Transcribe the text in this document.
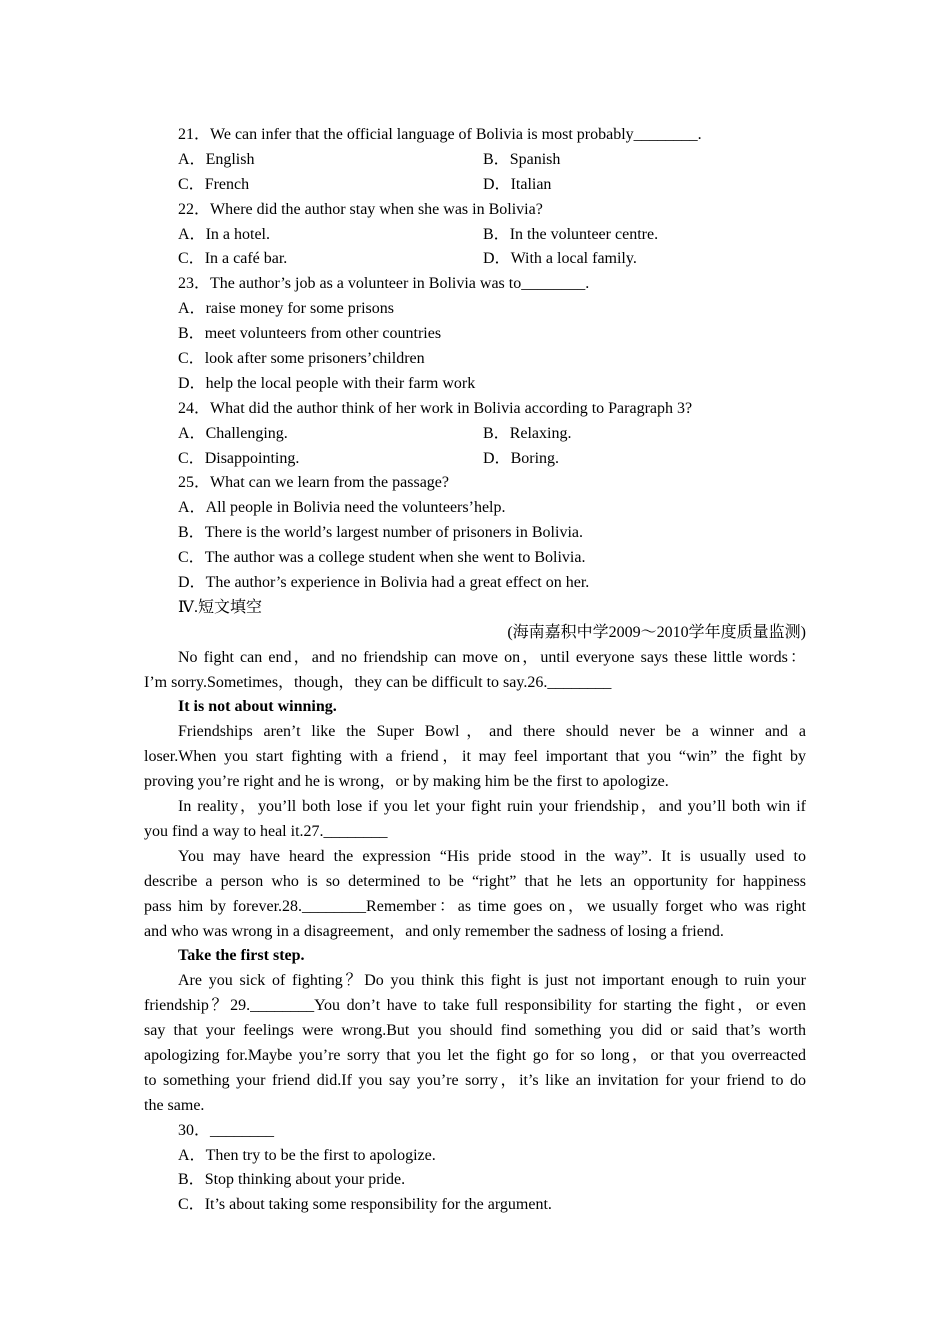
21．We can infer that the official language of Bolivia is most probably________.
A．English	B．Spanish
C．French	D．Italian
22．Where did the author stay when she was in Bolivia?
A．In a hotel.	B．In the volunteer centre.
C．In a café bar.	D．With a local family.
23．The author’s job as a volunteer in Bolivia was to________.
A．raise money for some prisons
B．meet volunteers from other countries
C．look after some prisoners’children
D．help the local people with their farm work
24．What did the author think of her work in Bolivia according to Paragraph 3?
A．Challenging.	B．Relaxing.
C．Disappointing.	D．Boring.
25．What can we learn from the passage?
A．All people in Bolivia need the volunteers’help.
B．There is the world’s largest number of prisoners in Bolivia.
C．The author was a college student when she went to Bolivia.
D．The author’s experience in Bolivia had a great effect on her.
Ⅳ.短文填空
(海南嘉积中学2009～2010学年度质量监测)
No fight can end，and no friendship can move on，until everyone says these little words：
I’m sorry.Sometimes，though，they can be difficult to say.26.________
It is not about winning.
Friendships aren’t like the Super Bowl，and there should never be a winner and a
loser.When you start fighting with a friend，it may feel important that you “win” the fight by
proving you’re right and he is wrong，or by making him be the first to apologize.
In reality，you’ll both lose if you let your fight ruin your friendship，and you’ll both win if
you find a way to heal it.27.________
You may have heard the expression “His pride stood in the way”. It is usually used to
describe a person who is so determined to be “right” that he lets an opportunity for happiness
pass him by forever.28.________Remember：as time goes on，we usually forget who was right
and who was wrong in a disagreement，and only remember the sadness of losing a friend.
Take the first step.
Are you sick of fighting？Do you think this fight is just not important enough to ruin your
friendship？29.________You don’t have to take full responsibility for starting the fight，or even
say that your feelings were wrong.But you should find something you did or said that’s worth
apologizing for.Maybe you’re sorry that you let the fight go for so long，or that you overreacted
to something your friend did.If you say you’re sorry，it’s like an invitation for your friend to do
the same.
30．________
A．Then try to be the first to apologize.
B．Stop thinking about your pride.
C．It’s about taking some responsibility for the argument.
